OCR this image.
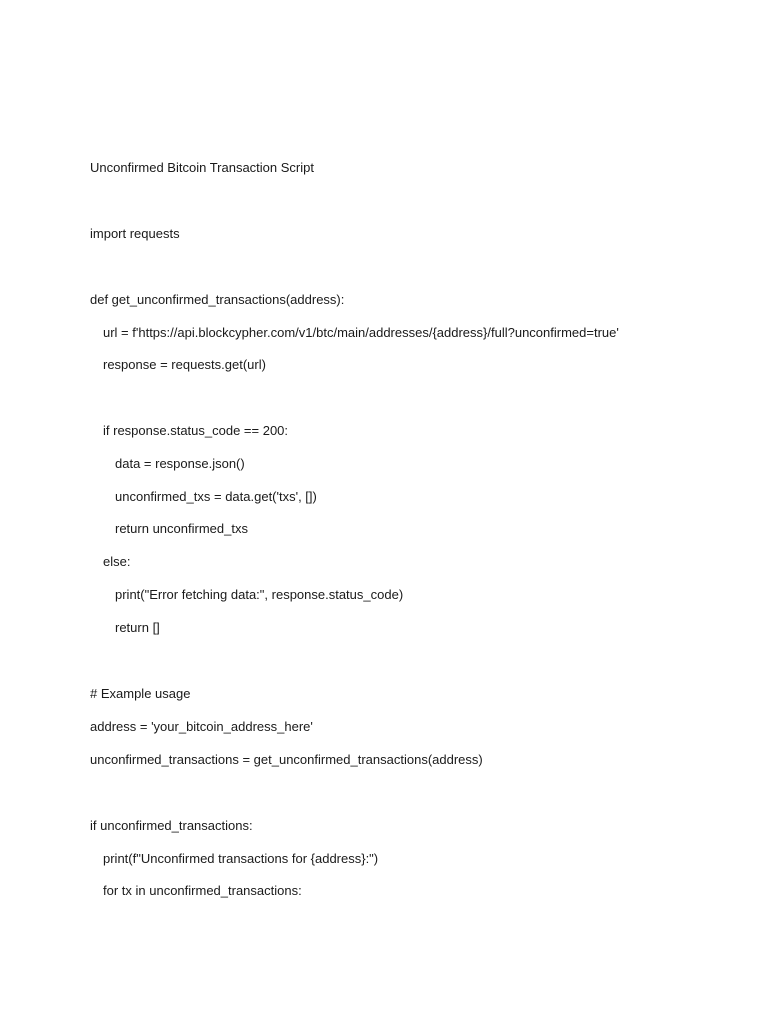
Unconfirmed Bitcoin Transaction Script
import requests
def get_unconfirmed_transactions(address):
url = f'https://api.blockcypher.com/v1/btc/main/addresses/{address}/full?unconfirmed=true'
response = requests.get(url)
if response.status_code == 200:
data = response.json()
unconfirmed_txs = data.get('txs', [])
return unconfirmed_txs
else:
print("Error fetching data:", response.status_code)
return []
# Example usage
address = 'your_bitcoin_address_here'
unconfirmed_transactions = get_unconfirmed_transactions(address)
if unconfirmed_transactions:
print(f"Unconfirmed transactions for {address}:")
for tx in unconfirmed_transactions:
